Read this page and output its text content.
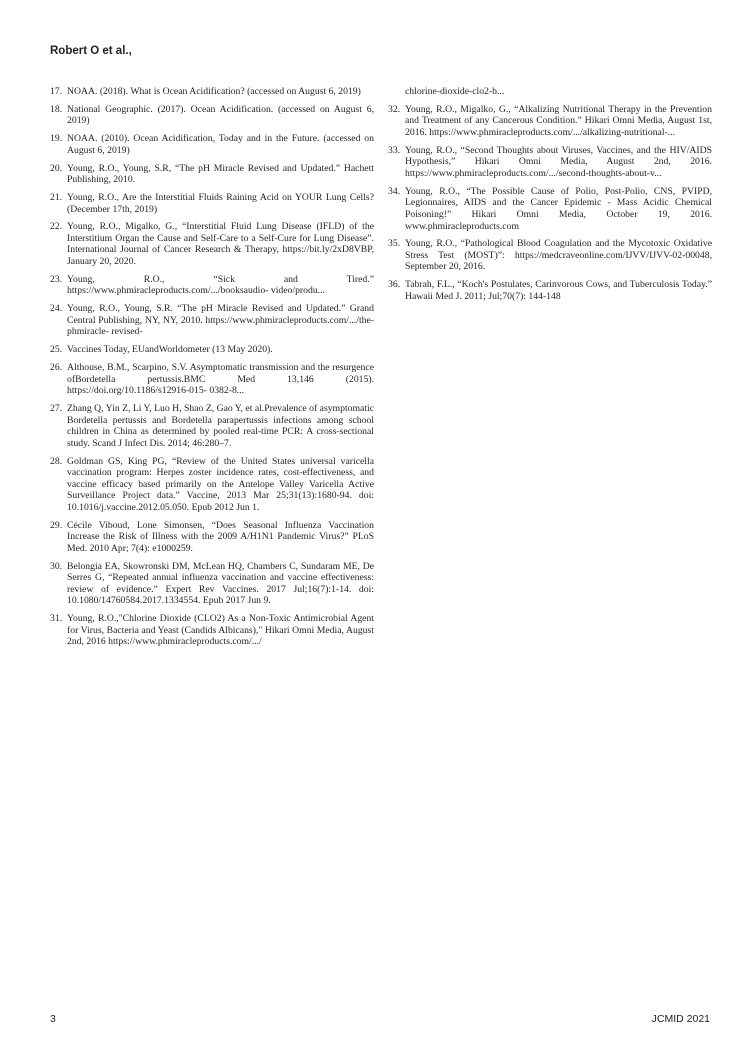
Robert O et al.,
17. NOAA. (2018). What is Ocean Acidification? (accessed on August 6, 2019)
18. National Geographic. (2017). Ocean Acidification. (accessed on August 6, 2019)
19. NOAA. (2010). Ocean Acidification, Today and in the Future. (accessed on August 6, 2019)
20. Young, R.O., Young, S.R, “The pH Miracle Revised and Updated.” Hachett Publishing, 2010.
21. Young, R.O., Are the Interstitial Fluids Raining Acid on YOUR Lung Cells? (December 17th, 2019)
22. Young, R.O., Migalko, G., “Interstitial Fluid Lung Disease (IFLD) of the Interstitium Organ the Cause and Self-Care to a Self-Cure for Lung Disease”. International Journal of Cancer Research & Therapy, https://bit.ly/2xD8VBP, January 20, 2020.
23. Young, R.O., “Sick and Tired.” https://www.phmiracleproducts.com/.../booksaudio- video/produ...
24. Young, R.O., Young, S.R. “The pH Miracle Revised and Updated.” Grand Central Publishing, NY, NY, 2010. https://www.phmiracleproducts.com/.../the-phmiracle- revised-
25. Vaccines Today, EUandWorldometer (13 May 2020).
26. Althouse, B.M., Scarpino, S.V. Asymptomatic transmission and the resurgence ofBordetella pertussis.BMC Med 13,146 (2015). https://doi.org/10.1186/s12916-015- 0382-8...
27. Zhang Q, Yin Z, Li Y, Luo H, Shao Z, Gao Y, et al.Prevalence of asymptomatic Bordetella pertussis and Bordetella parapertussis infections among school children in China as determined by pooled real-time PCR: A cross-sectional study. Scand J Infect Dis. 2014; 46:280–7.
28. Goldman GS, King PG, “Review of the United States universal varicella vaccination program: Herpes zoster incidence rates, cost-effectiveness, and vaccine efficacy based primarily on the Antelope Valley Varicella Active Surveillance Project data.” Vaccine, 2013 Mar 25;31(13):1680-94. doi: 10.1016/j.vaccine.2012.05.050. Epub 2012 Jun 1.
29. Cécile Viboud, Lone Simonsen, “Does Seasonal Influenza Vaccination Increase the Risk of Illness with the 2009 A/H1N1 Pandemic Virus?” PLoS Med. 2010 Apr; 7(4): e1000259.
30. Belongia EA, Skowronski DM, McLean HQ, Chambers C, Sundaram ME, De Serres G, “Repeated annual influenza vaccination and vaccine effectiveness: review of evidence.” Expert Rev Vaccines. 2017 Jul;16(7):1-14. doi: 10.1080/14760584.2017.1334554. Epub 2017 Jun 9.
31. Young, R.O.,"Chlorine Dioxide (CLO2) As a Non-Toxic Antimicrobial Agent for Virus, Bacteria and Yeast (Candids Albicans)," Hikari Omni Media, August 2nd, 2016 https://www.phmiracleproducts.com/.../
chlorine-dioxide-clo2-b...
32. Young, R.O., Migalko, G., “Alkalizing Nutritional Therapy in the Prevention and Treatment of any Cancerous Condition.” Hikari Omni Media, August 1st, 2016. https://www.phmiracleproducts.com/.../alkalizing-nutritional-...
33. Young, R.O., “Second Thoughts about Viruses, Vaccines, and the HIV/AIDS Hypothesis,” Hikari Omni Media, August 2nd, 2016. https://www.phmiracleproducts.com/.../second-thoughts-about-v...
34. Young, R.O., “The Possible Cause of Polio, Post-Polio, CNS, PVIPD, Legionnaires, AIDS and the Cancer Epidemic - Mass Acidic Chemical Poisoning!” Hikari Omni Media, October 19, 2016. www.phmiracleproducts.com
35. Young, R.O., “Pathological Blood Coagulation and the Mycotoxic Oxidative Stress Test (MOST)”: https://medcraveonline.com/IJVV/IJVV-02-00048, September 20, 2016.
36. Tabrah, F.L., “Koch's Postulates, Carinvorous Cows, and Tuberculosis Today.” Hawaii Med J. 2011; Jul;70(7): 144-148
3	JCMID 2021
